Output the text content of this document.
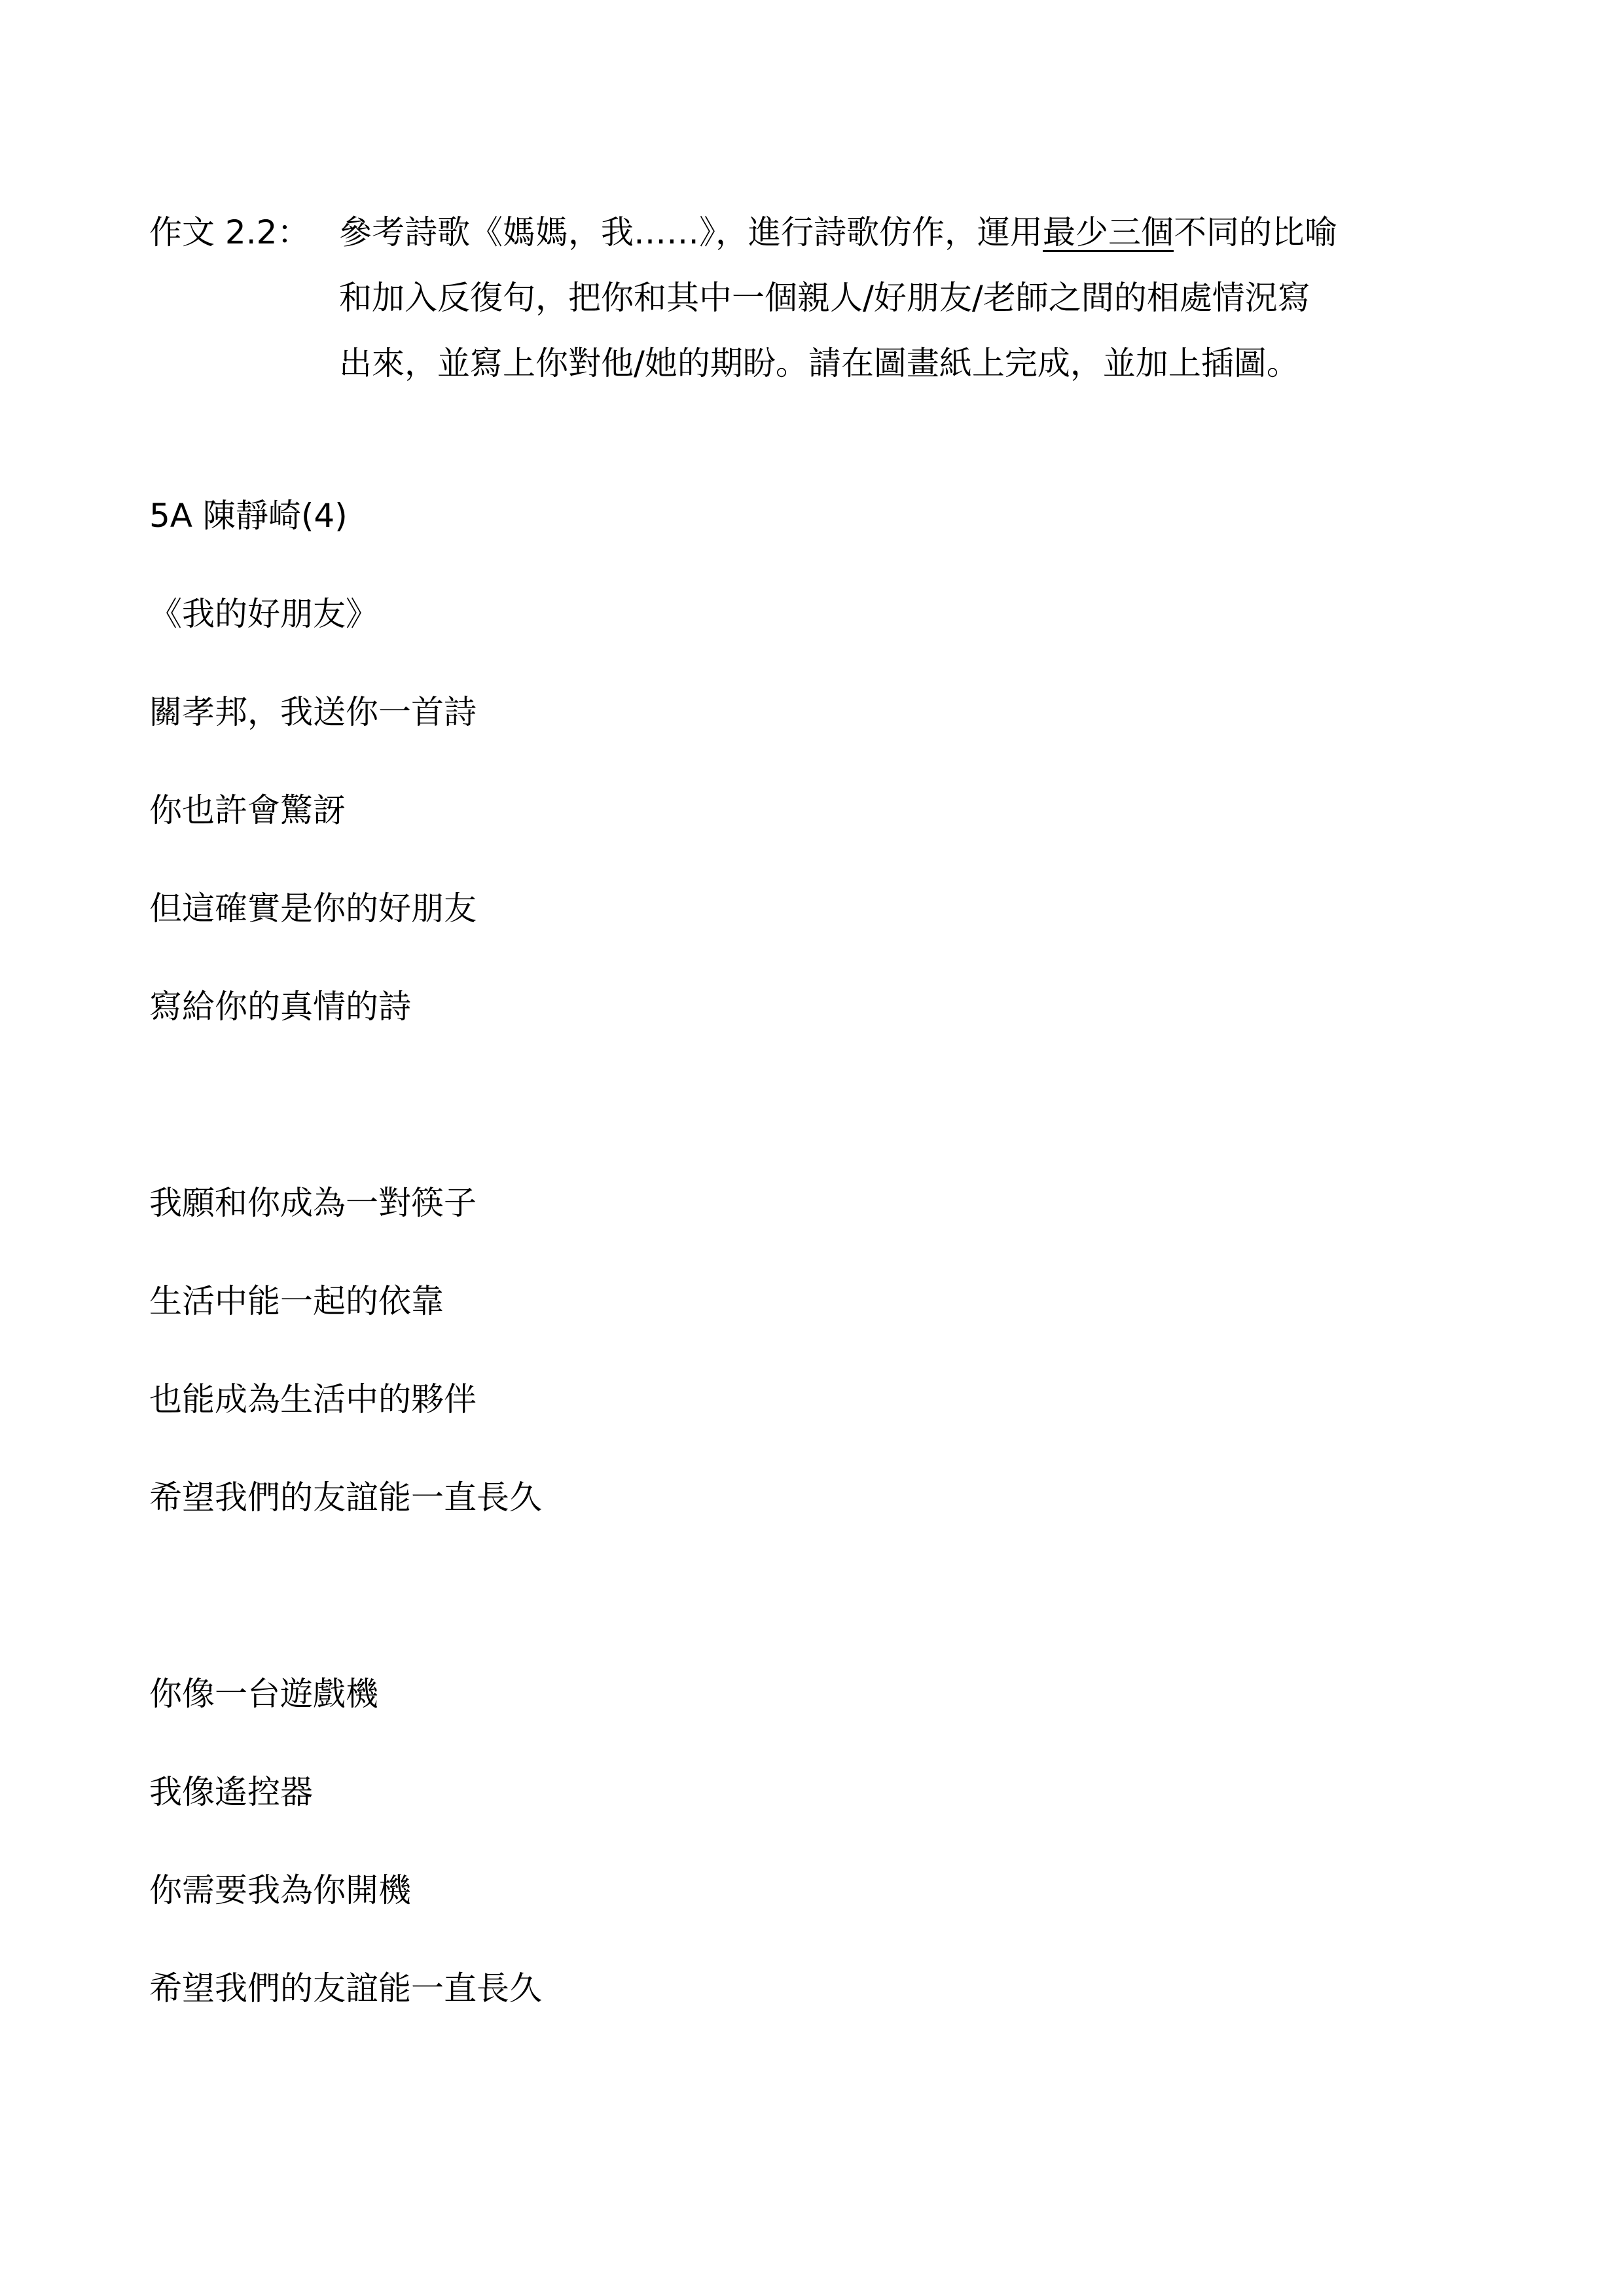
作文 2.2： 參考詩歌《媽媽，我……》，進行詩歌仿作，運用最少三個不同的比喻
和加入反復句，把你和其中一個親人/好朋友/老師之間的相處情況寫
出來，並寫上你對他/她的期盼。請在圖畫紙上完成，並加上插圖。
5A 陳靜崎(4)
《我的好朋友》
關孝邦，我送你一首詩
你也許會驚訝
但這確實是你的好朋友
寫給你的真情的詩
我願和你成為一對筷子
生活中能一起的依靠
也能成為生活中的夥伴
希望我們的友誼能一直長久
你像一台遊戲機
我像遙控器
你需要我為你開機
希望我們的友誼能一直長久
